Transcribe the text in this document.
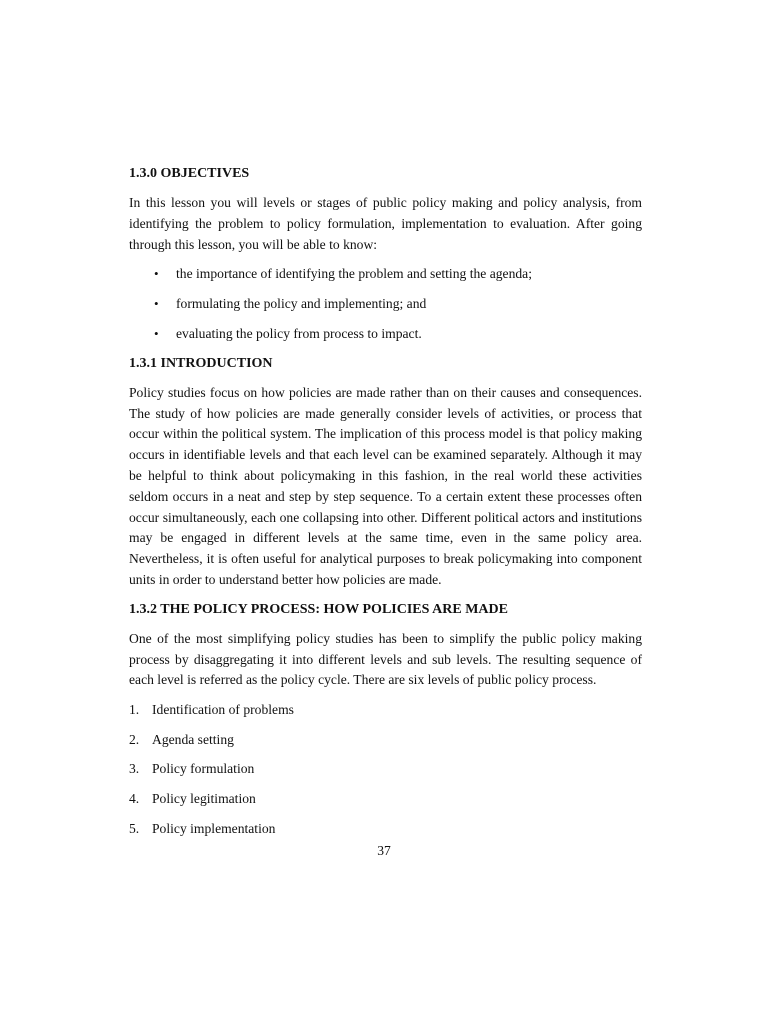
1.3.0 OBJECTIVES

In this lesson you will levels or stages of public policy making and policy analysis, from identifying the problem to policy formulation, implementation to evaluation. After going through this lesson, you will be able to know:

• the importance of identifying the problem and setting the agenda;
• formulating the policy and implementing; and
• evaluating the policy from process to impact.
1.3.1 INTRODUCTION

Policy studies focus on how policies are made rather than on their causes and consequences. The study of how policies are made generally consider levels of activities, or process that occur within the political system. The implication of this process model is that policy making occurs in identifiable levels and that each level can be examined separately. Although it may be helpful to think about policymaking in this fashion, in the real world these activities seldom occurs in a neat and step by step sequence. To a certain extent these processes often occur simultaneously, each one collapsing into other. Different political actors and institutions may be engaged in different levels at the same time, even in the same policy area. Nevertheless, it is often useful for analytical purposes to break policymaking into component units in order to understand better how policies are made.

1.3.2 THE POLICY PROCESS: HOW POLICIES ARE MADE

One of the most simplifying policy studies has been to simplify the public policy making process by disaggregating it into different levels and sub levels. The resulting sequence of each level is referred as the policy cycle. There are six levels of public policy process.

1. Identification of problems
2. Agenda setting
3. Policy formulation
4. Policy legitimation
5. Policy implementation
37
